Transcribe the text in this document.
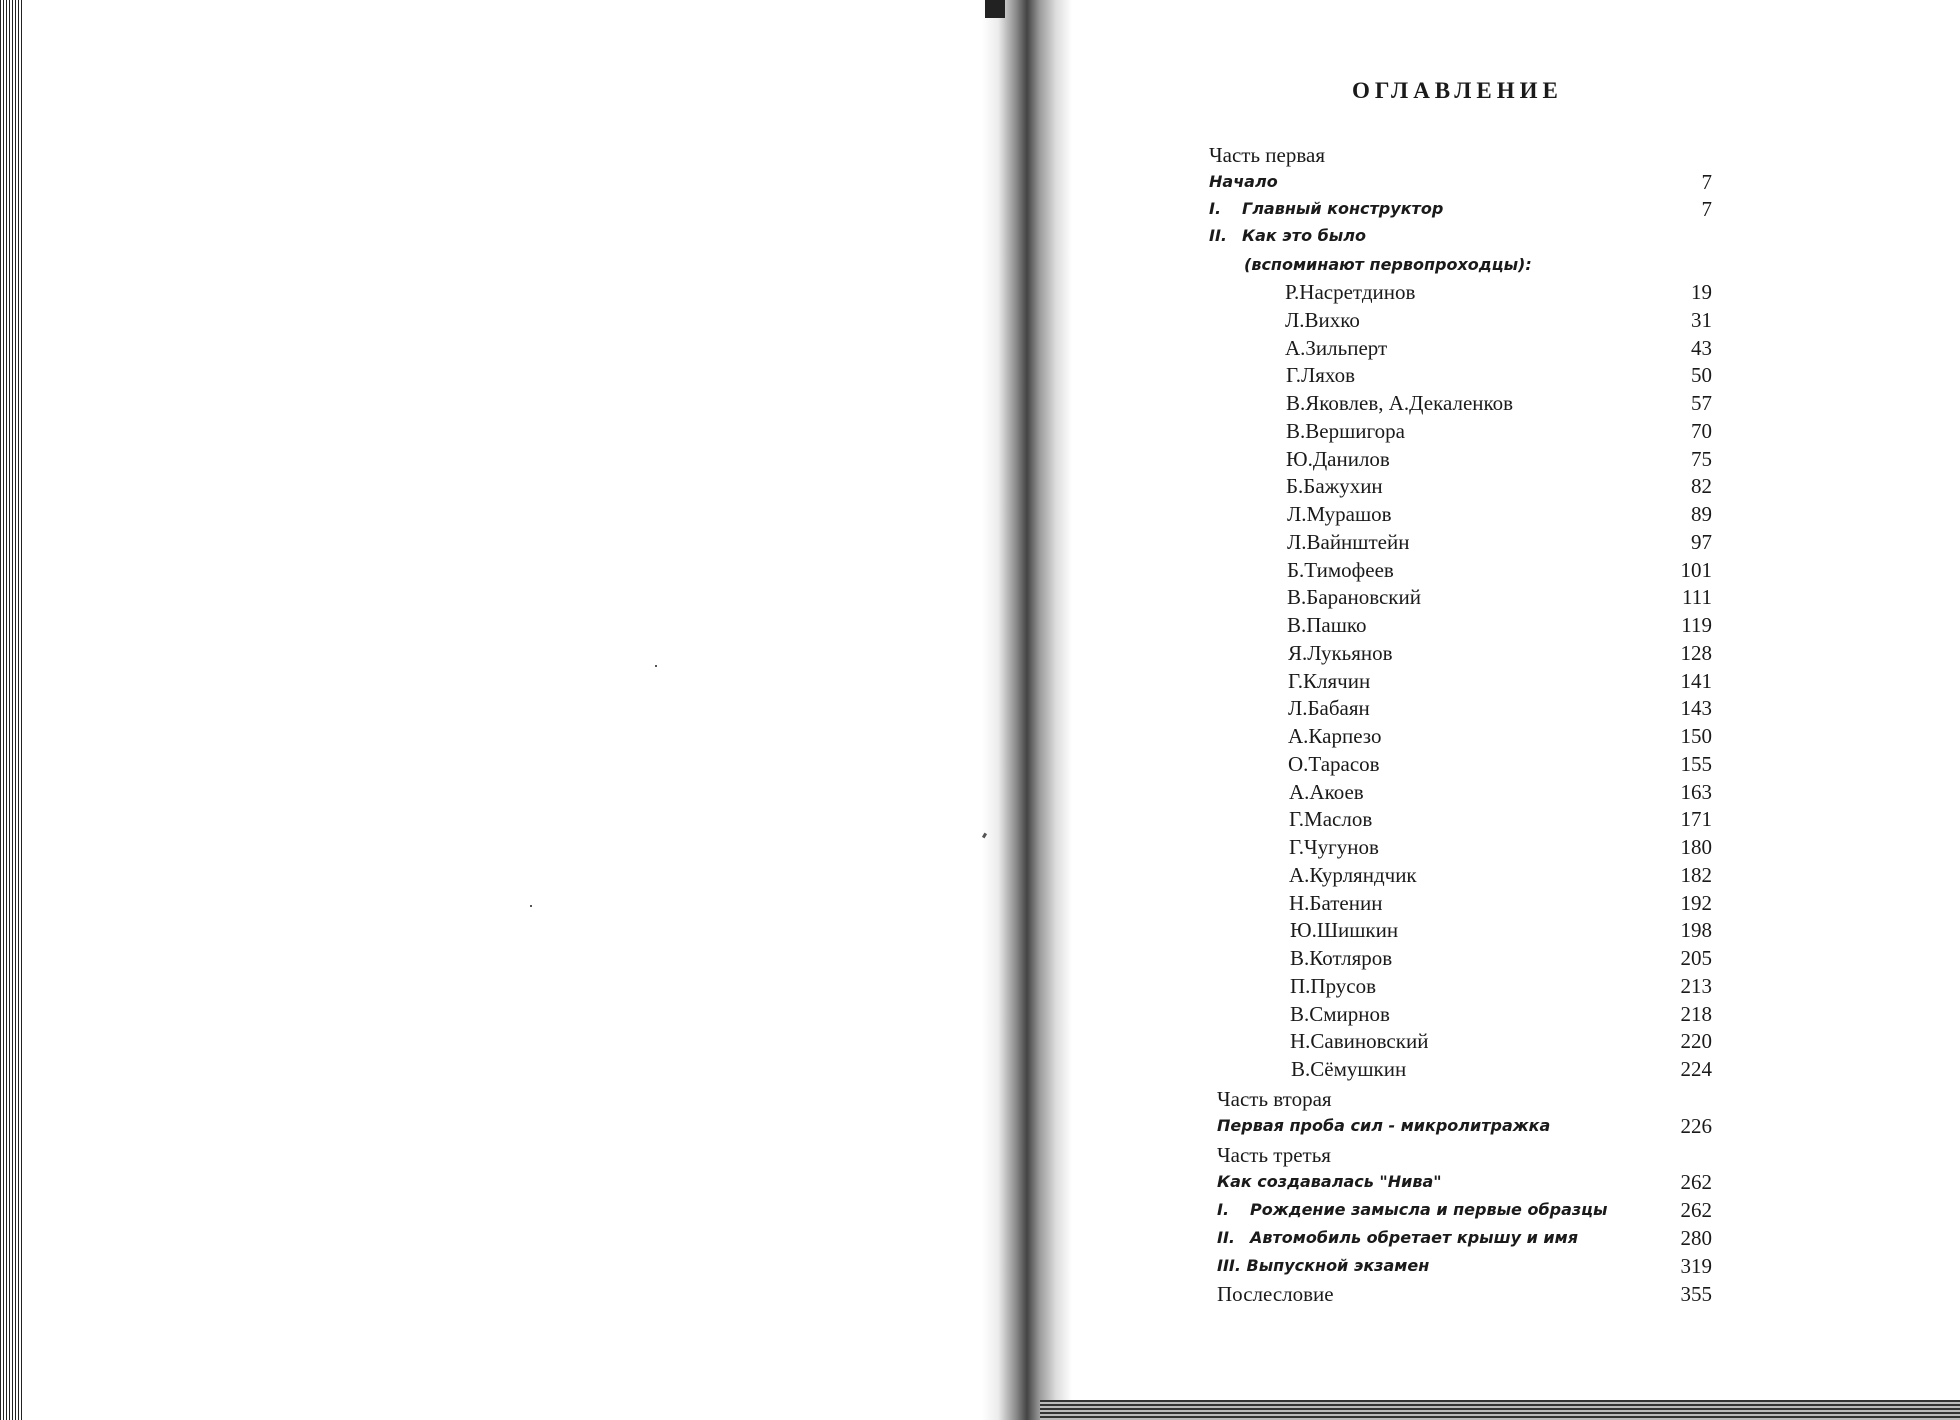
ОГЛАВЛЕНИЕ
Часть первая
Начало	7
I. Главный конструктор	7
II. Как это было
(вспоминают первопроходцы):
Р.Насретдинов	19
Л.Вихко	31
А.Зильперт	43
Г.Ляхов	50
В.Яковлев, А.Декаленков	57
В.Вершигора	70
Ю.Данилов	75
Б.Бажухин	82
Л.Мурашов	89
Л.Вайнштейн	97
Б.Тимофеев	101
В.Барановский	111
В.Пашко	119
Я.Лукьянов	128
Г.Клячин	141
Л.Бабаян	143
А.Карпезо	150
О.Тарасов	155
А.Акоев	163
Г.Маслов	171
Г.Чугунов	180
А.Курляндчик	182
Н.Батенин	192
Ю.Шишкин	198
В.Котляров	205
П.Прусов	213
В.Смирнов	218
Н.Савиновский	220
В.Сёмушкин	224
Часть вторая
Первая проба сил - микролитражка	226
Часть третья
Как создавалась "Нива"	262
I. Рождение замысла и первые образцы	262
II. Автомобиль обретает крышу и имя	280
III. Выпускной экзамен	319
Послесловие	355
